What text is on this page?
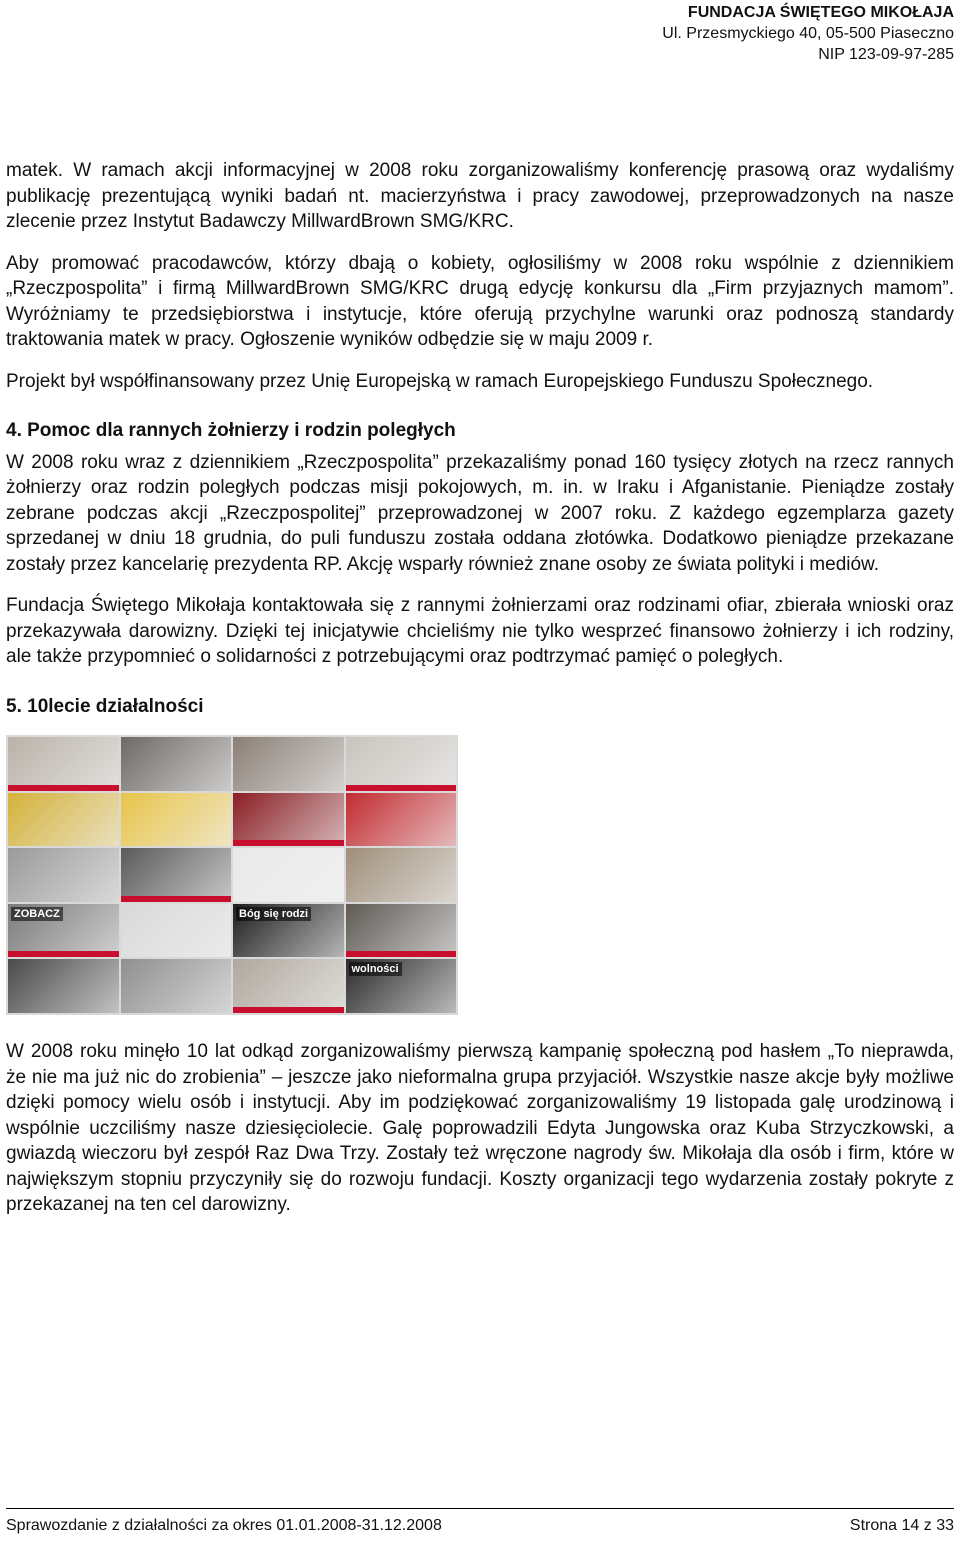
FUNDACJA ŚWIĘTEGO MIKOŁAJA
Ul. Przesmyckiego 40, 05-500 Piaseczno
NIP 123-09-97-285

matek. W ramach akcji informacyjnej w 2008 roku zorganizowaliśmy konferencję prasową oraz wydaliśmy publikację prezentującą wyniki badań nt. macierzyństwa i pracy zawodowej, przeprowadzonych na nasze zlecenie przez Instytut Badawczy MillwardBrown SMG/KRC.

Aby promować pracodawców, którzy dbają o kobiety, ogłosiliśmy w 2008 roku wspólnie z dziennikiem „Rzeczpospolita” i firmą MillwardBrown SMG/KRC drugą edycję konkursu dla „Firm przyjaznych mamom”. Wyróżniamy te przedsiębiorstwa i instytucje, które oferują przychylne warunki oraz podnoszą standardy traktowania matek w pracy. Ogłoszenie wyników odbędzie się w maju 2009 r.

Projekt był współfinansowany przez Unię Europejską w ramach Europejskiego Funduszu Społecznego.

4. Pomoc dla rannych żołnierzy i rodzin poległych

W 2008 roku wraz z dziennikiem „Rzeczpospolita” przekazaliśmy ponad 160 tysięcy złotych na rzecz rannych żołnierzy oraz rodzin poległych podczas misji pokojowych, m. in. w Iraku i Afganistanie. Pieniądze zostały zebrane podczas akcji „Rzeczpospolitej” przeprowadzonej w 2007 roku. Z każdego egzemplarza gazety sprzedanej w dniu 18 grudnia, do puli funduszu została oddana złotówka. Dodatkowo pieniądze przekazane zostały przez kancelarię prezydenta RP. Akcję wsparły również znane osoby ze świata polityki i mediów.

Fundacja Świętego Mikołaja kontaktowała się z rannymi żołnierzami oraz rodzinami ofiar, zbierała wnioski oraz przekazywała darowizny. Dzięki tej inicjatywie chcieliśmy nie tylko wesprzeć finansowo żołnierzy i ich rodziny, ale także przypomnieć o solidarności z potrzebującymi oraz podtrzymać pamięć o poległych.

5. 10lecie działalności

ZOBACZ	Bóg się rodzi
wolności

W 2008 roku minęło 10 lat odkąd zorganizowaliśmy pierwszą kampanię społeczną pod hasłem „To nieprawda, że nie ma już nic do zrobienia” – jeszcze jako nieformalna grupa przyjaciół. Wszystkie nasze akcje były możliwe dzięki pomocy wielu osób i instytucji. Aby im podziękować zorganizowaliśmy 19 listopada galę urodzinową i wspólnie uczciliśmy nasze dziesięciolecie. Galę poprowadzili Edyta Jungowska oraz Kuba Strzyczkowski, a gwiazdą wieczoru był zespół Raz Dwa Trzy. Zostały też wręczone nagrody św. Mikołaja dla osób i firm, które w największym stopniu przyczyniły się do rozwoju fundacji. Koszty organizacji tego wydarzenia zostały pokryte z przekazanej na ten cel darowizny.

Sprawozdanie z działalności za okres 01.01.2008-31.12.2008	Strona 14 z 33
